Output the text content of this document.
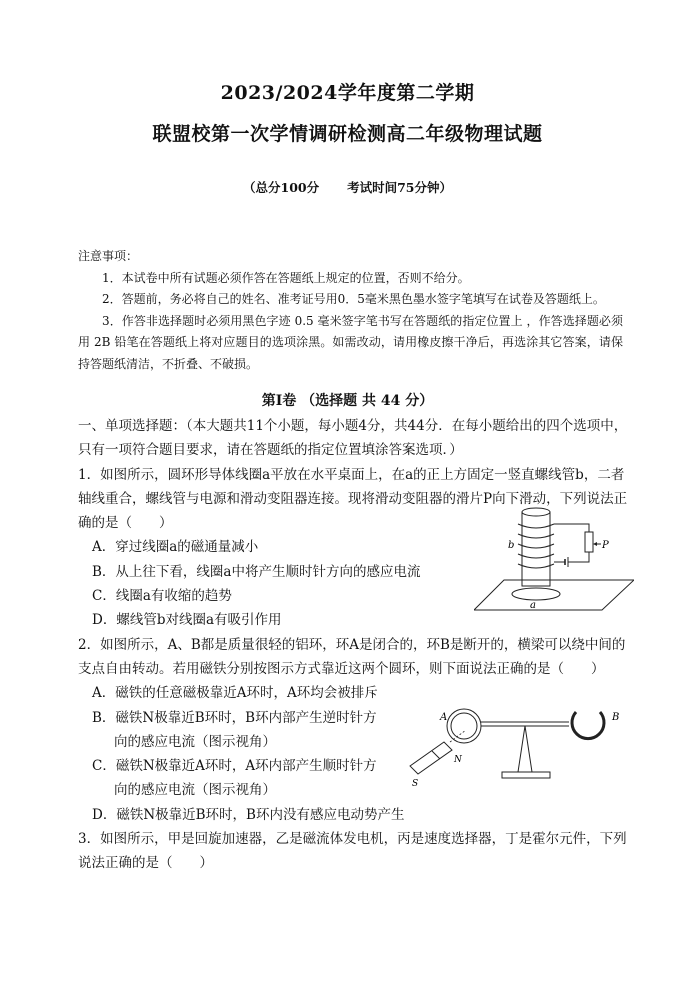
2023/2024学年度第二学期
联盟校第一次学情调研检测高二年级物理试题
（总分100分 考试时间75分钟）

注意事项：

1．本试卷中所有试题必须作答在答题纸上规定的位置，否则不给分。

2．答题前，务必将自己的姓名、准考证号用0．5毫米黑色墨水签字笔填写在试卷及答题纸上。

3．作答非选择题时必须用黑色字迹 0.5 毫米签字笔书写在答题纸的指定位置上 ，作答选择题必须用 2B 铅笔在答题纸上将对应题目的选项涂黑。如需改动，请用橡皮擦干净后，再选涂其它答案，请保持答题纸清洁，不折叠、不破损。

第Ⅰ卷 （选择题 共 44 分）

一、单项选择题：（本大题共11个小题，每小题4分，共44分．在每小题给出的四个选项中，只有一项符合题目要求，请在答题纸的指定位置填涂答案选项．）

1．如图所示，圆环形导体线圈a平放在水平桌面上，在a的正上方固定一竖直螺线管b，二者轴线重合，螺线管与电源和滑动变阻器连接。现将滑动变阻器的滑片P向下滑动，下列说法正确的是（　　）

A．穿过线圈a的磁通量减小

B．从上往下看，线圈a中将产生顺时针方向的感应电流

C．线圈a有收缩的趋势

D．螺线管b对线圈a有吸引作用

2．如图所示，A、B都是质量很轻的铝环，环A是闭合的，环B是断开的，横梁可以绕中间的支点自由转动。若用磁铁分别按图示方式靠近这两个圆环，则下面说法正确的是（　　）

A．磁铁的任意磁极靠近A环时，A环均会被排斥

B．磁铁N极靠近B环时，B环内部产生逆时针方

向的感应电流（图示视角）

C．磁铁N极靠近A环时，A环内部产生顺时针方

向的感应电流（图示视角）

D．磁铁N极靠近B环时，B环内没有感应电动势产生

3．如图所示，甲是回旋加速器，乙是磁流体发电机，丙是速度选择器，丁是霍尔元件，下列说法正确的是（　　）

b
a
P
A	B
N
S
